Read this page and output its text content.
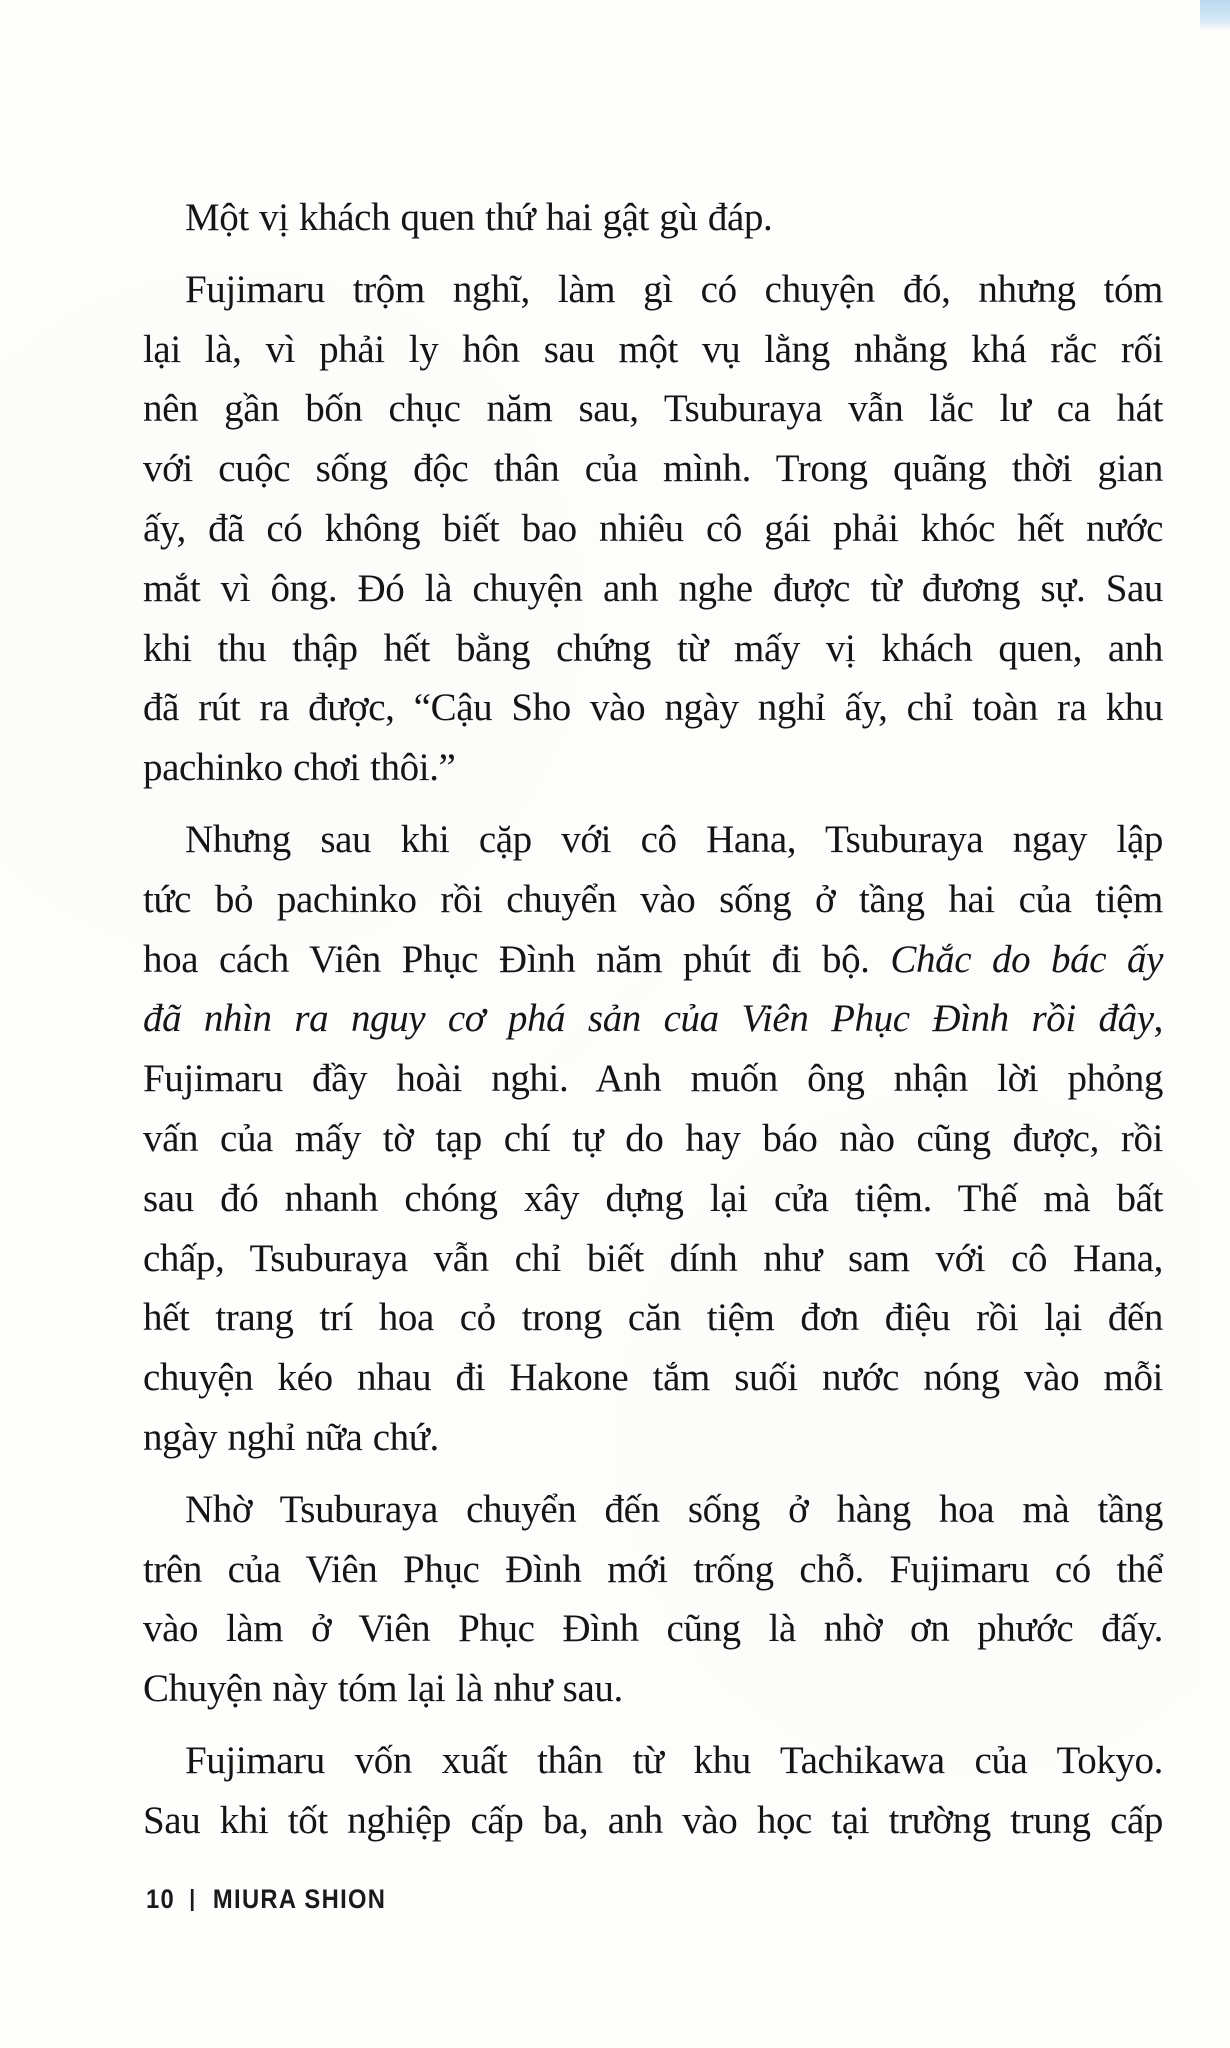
Một vị khách quen thứ hai gật gù đáp.

Fujimaru trộm nghĩ, làm gì có chuyện đó, nhưng tóm
lại là, vì phải ly hôn sau một vụ lằng nhằng khá rắc rối
nên gần bốn chục năm sau, Tsuburaya vẫn lắc lư ca hát
với cuộc sống độc thân của mình. Trong quãng thời gian
ấy, đã có không biết bao nhiêu cô gái phải khóc hết nước
mắt vì ông. Đó là chuyện anh nghe được từ đương sự. Sau
khi thu thập hết bằng chứng từ mấy vị khách quen, anh
đã rút ra được, “Cậu Sho vào ngày nghỉ ấy, chỉ toàn ra khu
pachinko chơi thôi.”

Nhưng sau khi cặp với cô Hana, Tsuburaya ngay lập
tức bỏ pachinko rồi chuyển vào sống ở tầng hai của tiệm
hoa cách Viên Phục Đình năm phút đi bộ. Chắc do bác ấy
đã nhìn ra nguy cơ phá sản của Viên Phục Đình rồi đây,
Fujimaru đầy hoài nghi. Anh muốn ông nhận lời phỏng
vấn của mấy tờ tạp chí tự do hay báo nào cũng được, rồi
sau đó nhanh chóng xây dựng lại cửa tiệm. Thế mà bất
chấp, Tsuburaya vẫn chỉ biết dính như sam với cô Hana,
hết trang trí hoa cỏ trong căn tiệm đơn điệu rồi lại đến
chuyện kéo nhau đi Hakone tắm suối nước nóng vào mỗi
ngày nghỉ nữa chứ.

Nhờ Tsuburaya chuyển đến sống ở hàng hoa mà tầng
trên của Viên Phục Đình mới trống chỗ. Fujimaru có thể
vào làm ở Viên Phục Đình cũng là nhờ ơn phước đấy.
Chuyện này tóm lại là như sau.

Fujimaru vốn xuất thân từ khu Tachikawa của Tokyo.
Sau khi tốt nghiệp cấp ba, anh vào học tại trường trung cấp

10 MIURA SHION
